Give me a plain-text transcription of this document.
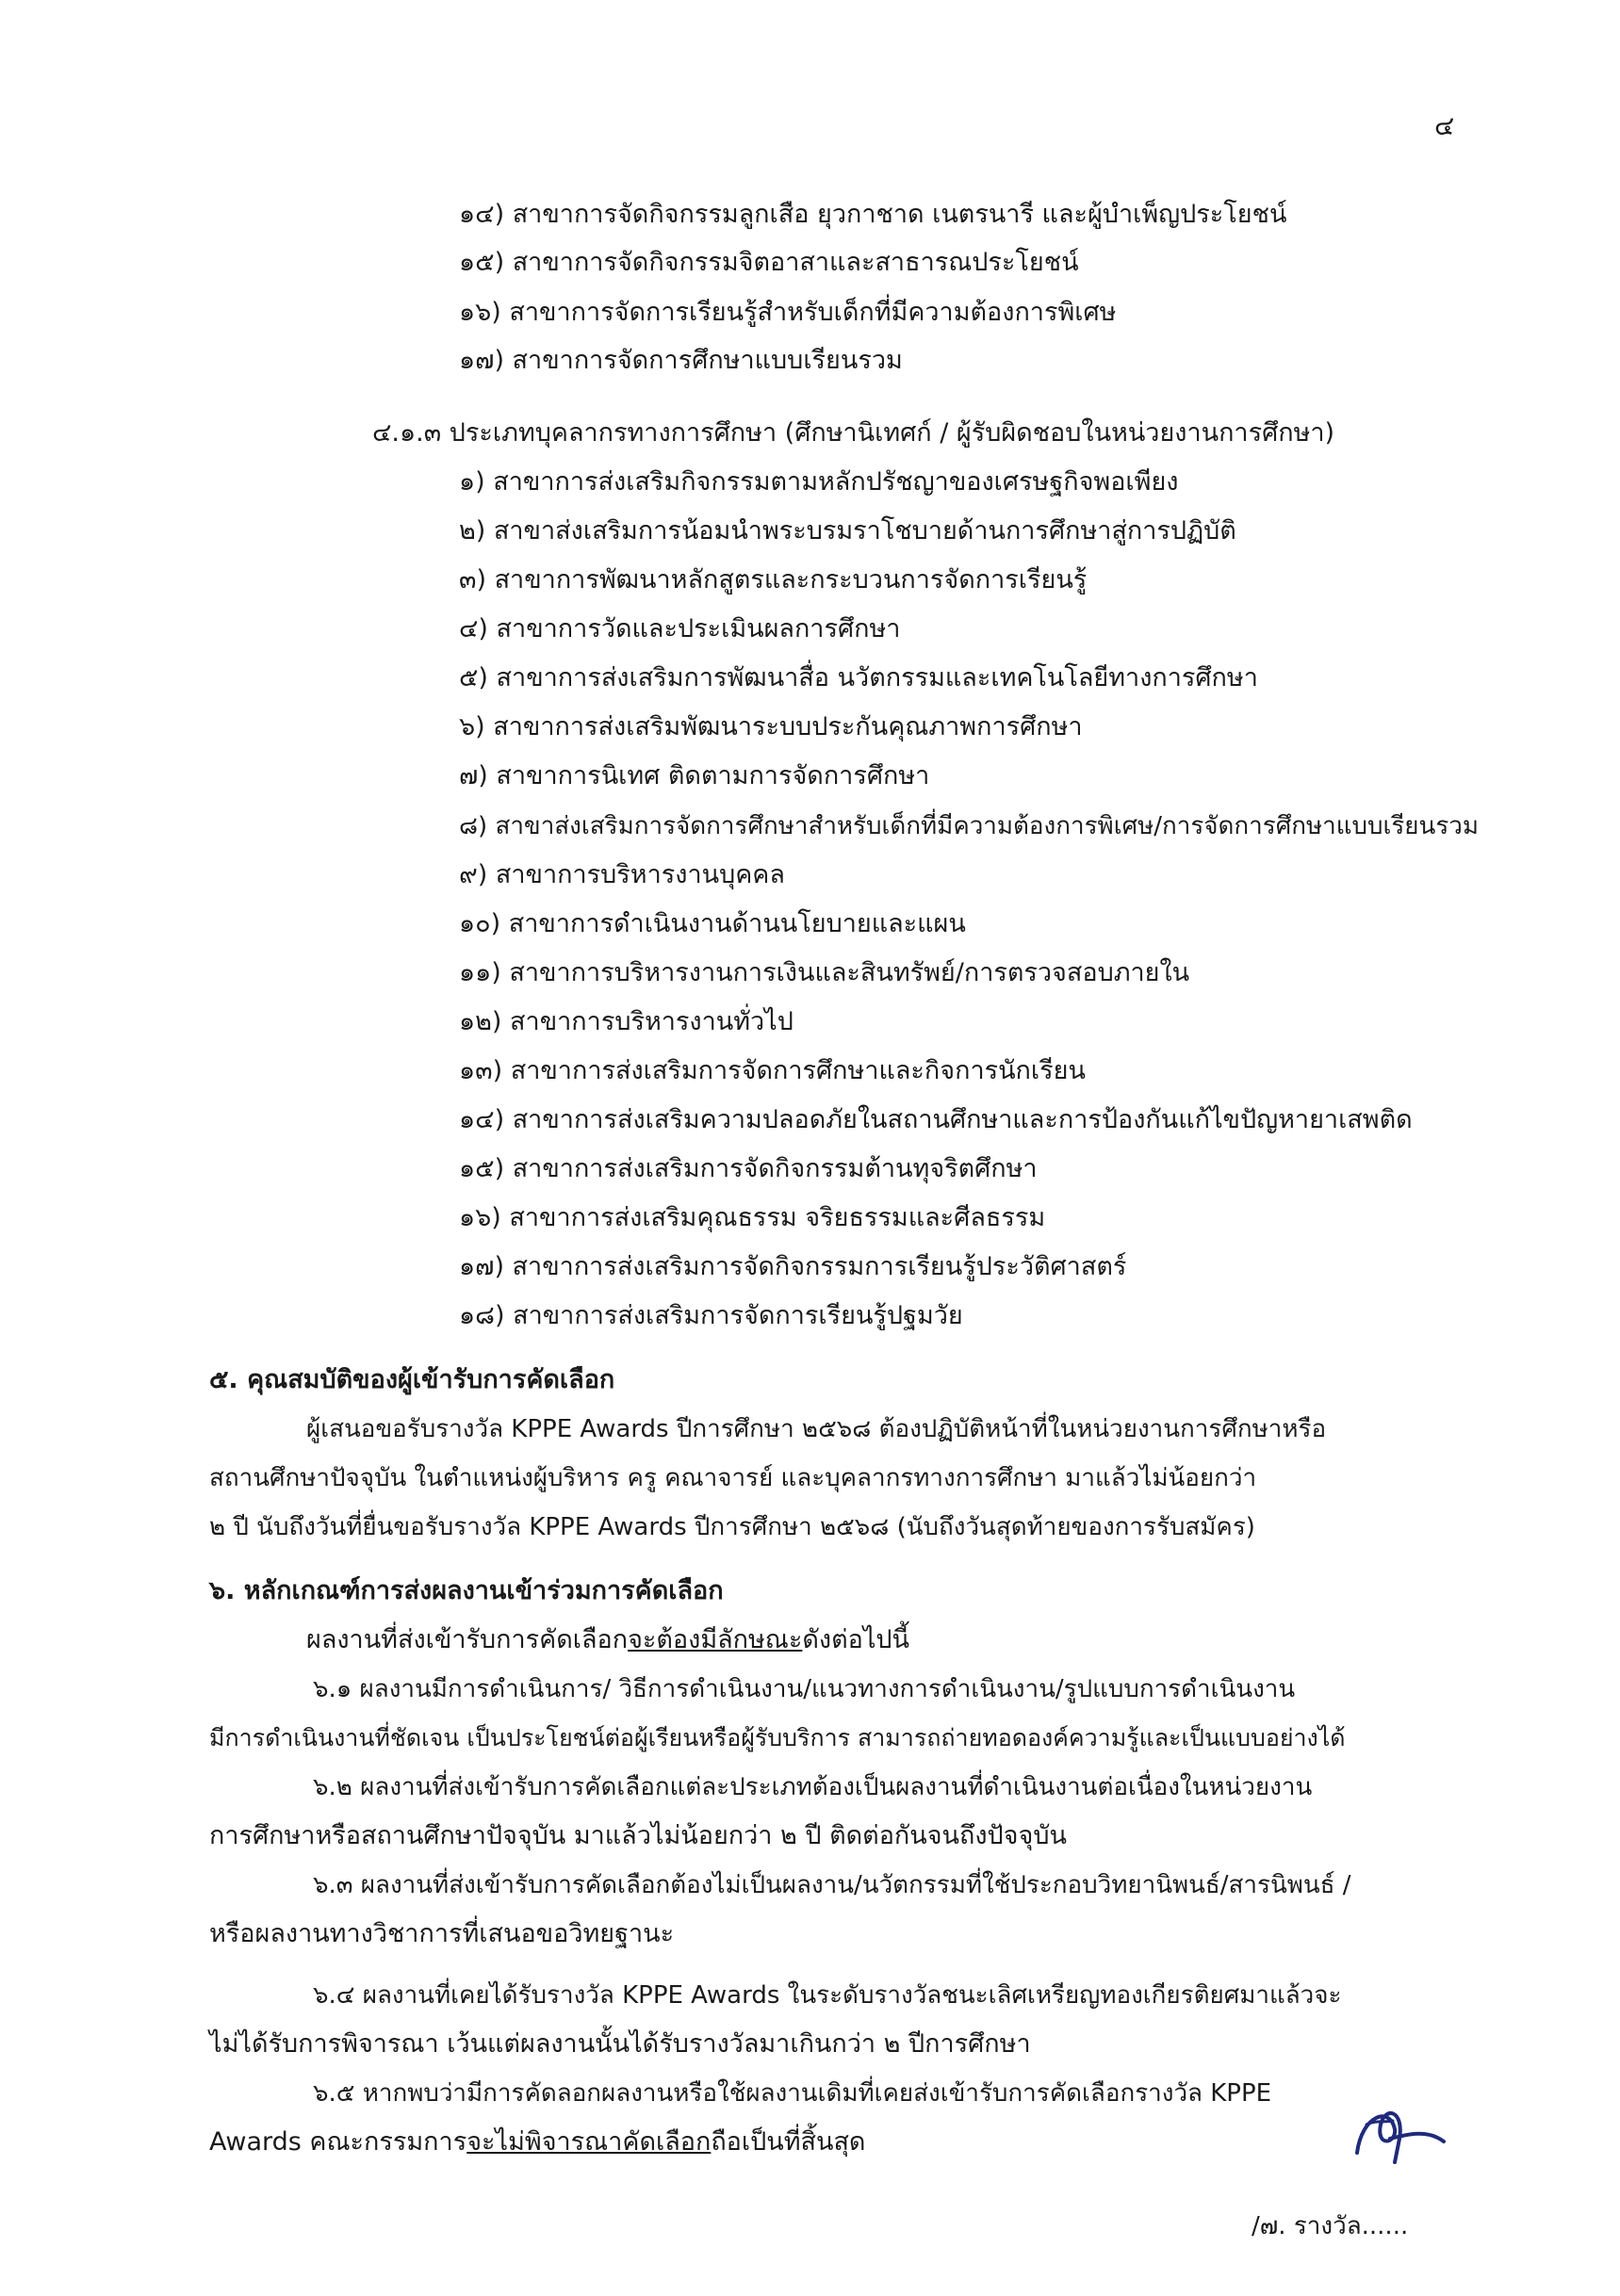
๔
๑๔) สาขาการจัดกิจกรรมลูกเสือ ยุวกาชาด เนตรนารี และผู้บำเพ็ญประโยชน์
๑๕) สาขาการจัดกิจกรรมจิตอาสาและสาธารณประโยชน์
๑๖) สาขาการจัดการเรียนรู้สำหรับเด็กที่มีความต้องการพิเศษ
๑๗) สาขาการจัดการศึกษาแบบเรียนรวม
๔.๑.๓ ประเภทบุคลากรทางการศึกษา (ศึกษานิเทศก์ / ผู้รับผิดชอบในหน่วยงานการศึกษา)
๑) สาขาการส่งเสริมกิจกรรมตามหลักปรัชญาของเศรษฐกิจพอเพียง
๒) สาขาส่งเสริมการน้อมนำพระบรมราโชบายด้านการศึกษาสู่การปฏิบัติ
๓) สาขาการพัฒนาหลักสูตรและกระบวนการจัดการเรียนรู้
๔) สาขาการวัดและประเมินผลการศึกษา
๕) สาขาการส่งเสริมการพัฒนาสื่อ นวัตกรรมและเทคโนโลยีทางการศึกษา
๖) สาขาการส่งเสริมพัฒนาระบบประกันคุณภาพการศึกษา
๗) สาขาการนิเทศ ติดตามการจัดการศึกษา
๘) สาขาส่งเสริมการจัดการศึกษาสำหรับเด็กที่มีความต้องการพิเศษ/การจัดการศึกษาแบบเรียนรวม
๙) สาขาการบริหารงานบุคคล
๑๐) สาขาการดำเนินงานด้านนโยบายและแผน
๑๑) สาขาการบริหารงานการเงินและสินทรัพย์/การตรวจสอบภายใน
๑๒) สาขาการบริหารงานทั่วไป
๑๓) สาขาการส่งเสริมการจัดการศึกษาและกิจการนักเรียน
๑๔) สาขาการส่งเสริมความปลอดภัยในสถานศึกษาและการป้องกันแก้ไขปัญหายาเสพติด
๑๕) สาขาการส่งเสริมการจัดกิจกรรมต้านทุจริตศึกษา
๑๖) สาขาการส่งเสริมคุณธรรม จริยธรรมและศีลธรรม
๑๗) สาขาการส่งเสริมการจัดกิจกรรมการเรียนรู้ประวัติศาสตร์
๑๘) สาขาการส่งเสริมการจัดการเรียนรู้ปฐมวัย
๕. คุณสมบัติของผู้เข้ารับการคัดเลือก
ผู้เสนอขอรับรางวัล KPPE Awards ปีการศึกษา ๒๕๖๘ ต้องปฏิบัติหน้าที่ในหน่วยงานการศึกษาหรือ
สถานศึกษาปัจจุบัน ในตำแหน่งผู้บริหาร ครู คณาจารย์ และบุคลากรทางการศึกษา มาแล้วไม่น้อยกว่า
๒ ปี นับถึงวันที่ยื่นขอรับรางวัล KPPE Awards ปีการศึกษา ๒๕๖๘ (นับถึงวันสุดท้ายของการรับสมัคร)
๖. หลักเกณฑ์การส่งผลงานเข้าร่วมการคัดเลือก
ผลงานที่ส่งเข้ารับการคัดเลือกจะต้องมีลักษณะดังต่อไปนี้
๖.๑ ผลงานมีการดำเนินการ/ วิธีการดำเนินงาน/แนวทางการดำเนินงาน/รูปแบบการดำเนินงาน
มีการดำเนินงานที่ชัดเจน เป็นประโยชน์ต่อผู้เรียนหรือผู้รับบริการ สามารถถ่ายทอดองค์ความรู้และเป็นแบบอย่างได้
๖.๒ ผลงานที่ส่งเข้ารับการคัดเลือกแต่ละประเภทต้องเป็นผลงานที่ดำเนินงานต่อเนื่องในหน่วยงาน
การศึกษาหรือสถานศึกษาปัจจุบัน มาแล้วไม่น้อยกว่า ๒ ปี ติดต่อกันจนถึงปัจจุบัน
๖.๓ ผลงานที่ส่งเข้ารับการคัดเลือกต้องไม่เป็นผลงาน/นวัตกรรมที่ใช้ประกอบวิทยานิพนธ์/สารนิพนธ์ /
หรือผลงานทางวิชาการที่เสนอขอวิทยฐานะ
๖.๔ ผลงานที่เคยได้รับรางวัล KPPE Awards ในระดับรางวัลชนะเลิศเหรียญทองเกียรติยศมาแล้วจะ
ไม่ได้รับการพิจารณา เว้นแต่ผลงานนั้นได้รับรางวัลมาเกินกว่า ๒ ปีการศึกษา
๖.๕ หากพบว่ามีการคัดลอกผลงานหรือใช้ผลงานเดิมที่เคยส่งเข้ารับการคัดเลือกรางวัล KPPE
Awards คณะกรรมการจะไม่พิจารณาคัดเลือกถือเป็นที่สิ้นสุด
/๗. รางวัล......
